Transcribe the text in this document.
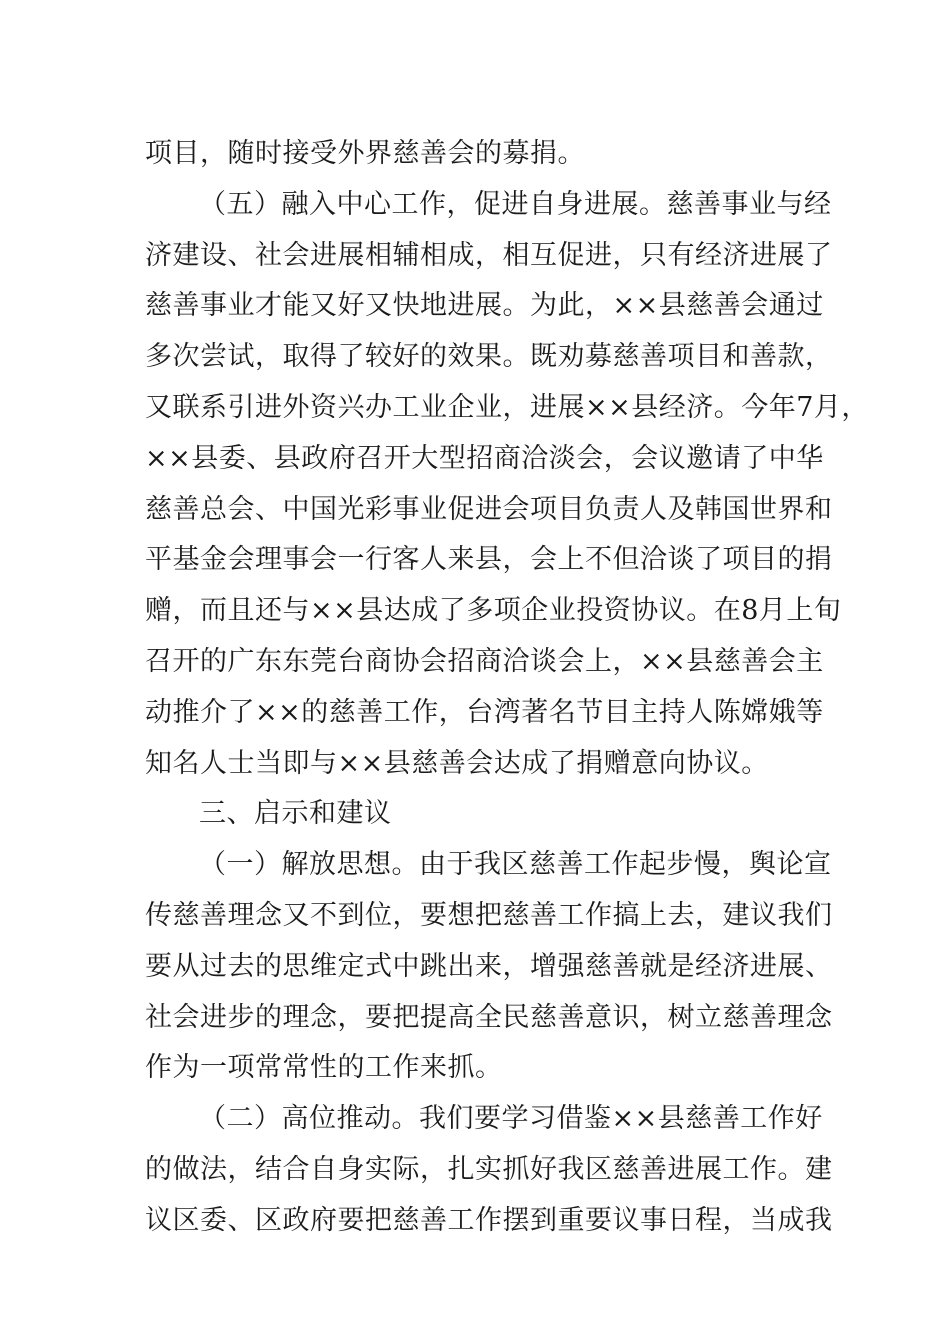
项目，随时接受外界慈善会的募捐。
（五）融入中心工作，促进自身进展。慈善事业与经
济建设、社会进展相辅相成，相互促进，只有经济进展了
慈善事业才能又好又快地进展。为此，××县慈善会通过
多次尝试，取得了较好的效果。既劝募慈善项目和善款，
又联系引进外资兴办工业企业，进展××县经济。今年7月，
××县委、县政府召开大型招商洽淡会，会议邀请了中华
慈善总会、中国光彩事业促进会项目负责人及韩国世界和
平基金会理事会一行客人来县，会上不但洽谈了项目的捐
赠，而且还与××县达成了多项企业投资协议。在8月上旬
召开的广东东莞台商协会招商洽谈会上，××县慈善会主
动推介了××的慈善工作，台湾著名节目主持人陈嫦娥等
知名人士当即与××县慈善会达成了捐赠意向协议。
三、启示和建议
（一）解放思想。由于我区慈善工作起步慢，舆论宣
传慈善理念又不到位，要想把慈善工作搞上去，建议我们
要从过去的思维定式中跳出来，增强慈善就是经济进展、
社会进步的理念，要把提高全民慈善意识，树立慈善理念
作为一项常常性的工作来抓。
（二）高位推动。我们要学习借鉴××县慈善工作好
的做法，结合自身实际，扎实抓好我区慈善进展工作。建
议区委、区政府要把慈善工作摆到重要议事日程，当成我
